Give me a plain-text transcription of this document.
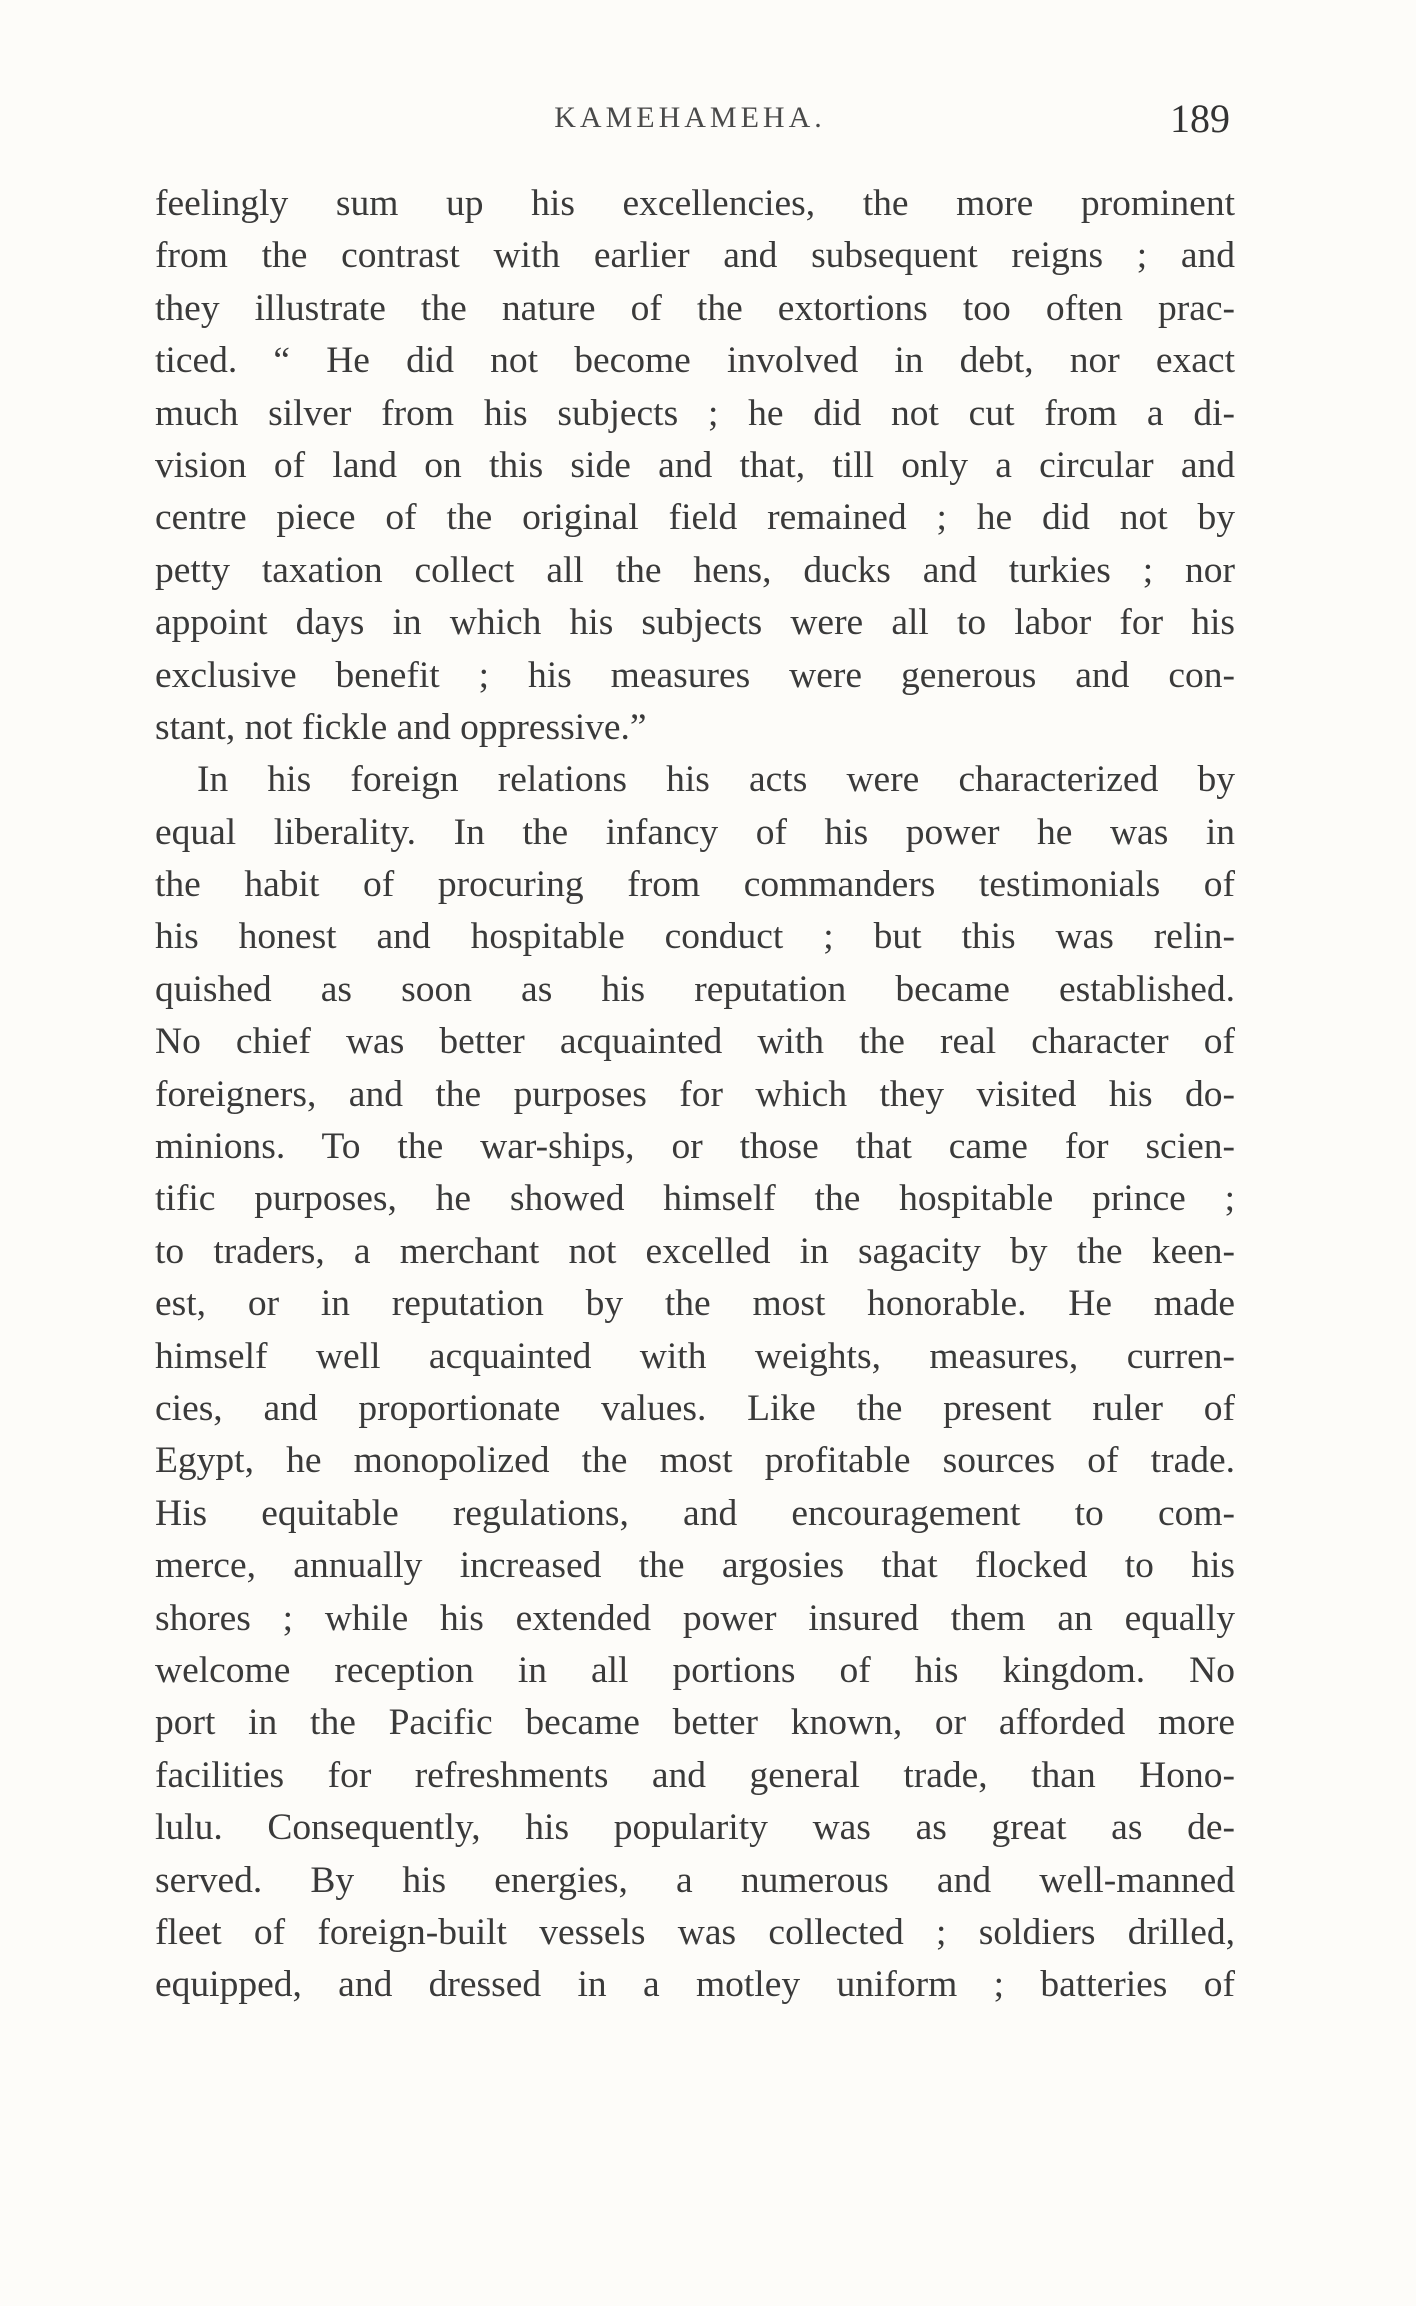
KAMEHAMEHA.	189
feelingly sum up his excellencies, the more prominent
from the contrast with earlier and subsequent reigns ; and
they illustrate the nature of the extortions too often prac-
ticed. “ He did not become involved in debt, nor exact
much silver from his subjects ; he did not cut from a di-
vision of land on this side and that, till only a circular and
centre piece of the original field remained ; he did not by
petty taxation collect all the hens, ducks and turkies ; nor
appoint days in which his subjects were all to labor for his
exclusive benefit ; his measures were generous and con-
stant, not fickle and oppressive.”
In his foreign relations his acts were characterized by
equal liberality. In the infancy of his power he was in
the habit of procuring from commanders testimonials of
his honest and hospitable conduct ; but this was relin-
quished as soon as his reputation became established.
No chief was better acquainted with the real character of
foreigners, and the purposes for which they visited his do-
minions. To the war-ships, or those that came for scien-
tific purposes, he showed himself the hospitable prince ;
to traders, a merchant not excelled in sagacity by the keen-
est, or in reputation by the most honorable. He made
himself well acquainted with weights, measures, curren-
cies, and proportionate values. Like the present ruler of
Egypt, he monopolized the most profitable sources of trade.
His equitable regulations, and encouragement to com-
merce, annually increased the argosies that flocked to his
shores ; while his extended power insured them an equally
welcome reception in all portions of his kingdom. No
port in the Pacific became better known, or afforded more
facilities for refreshments and general trade, than Hono-
lulu. Consequently, his popularity was as great as de-
served. By his energies, a numerous and well-manned
fleet of foreign-built vessels was collected ; soldiers drilled,
equipped, and dressed in a motley uniform ; batteries of
